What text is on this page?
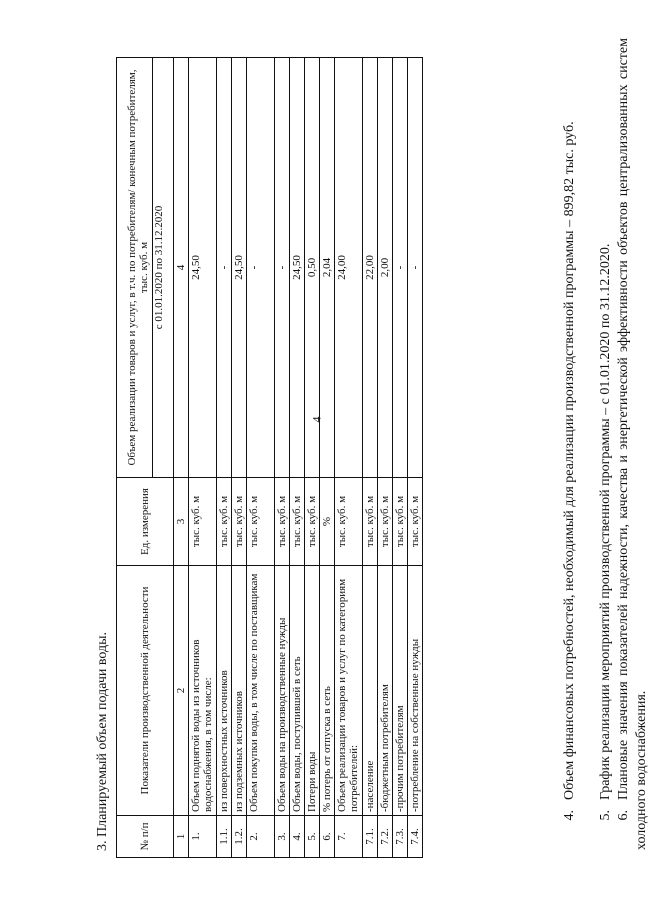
4
3. Планируемый объем подачи воды.	№ п/п	Показатели производственной деятельности	Ед. измерения	Объем реализации товаров и услуг, в т.ч. по потребителям/ конечным потребителям, тыс. куб. м с 01.01.2020 по 31.12.2020

1	2	3	4
1.	Объем поднятой воды из источников водоснабжения, в том числе:	тыс. куб. м	24,50
1.1.	из поверхностных источников	тыс. куб. м	-
1.2.	из подземных источников	тыс. куб. м	24,50
2.	Объем покупки воды, в том числе по поставщикам	тыс. куб. м	-
3.	Объем воды на производственные нужды	тыс. куб. м	-
4.	Объем воды, поступившей в сеть	тыс. куб. м	24,50
5.	Потери воды	тыс. куб. м	0,50
6.	% потерь от отпуска в сеть	%	2,04
7.	Объем реализации товаров и услуг по категориям потребителей:	тыс. куб. м	24,00
7.1.	-население	тыс. куб. м	22,00
7.2.	-бюджетным потребителям	тыс. куб. м	2,00
7.3.	-прочим потребителям	тыс. куб. м	-
7.4.	-потребление на собственные нужды	тыс. куб. м	-
4.Объем финансовых потребностей, необходимый для реализации производственной программы – 899,82 тыс. руб.
5.График реализации мероприятий производственной программы – с 01.01.2020 по 31.12.2020.
6.Плановые значения показателей надежности, качества и энергетической эффективности объектов централизованных систем холодного водоснабжения.
